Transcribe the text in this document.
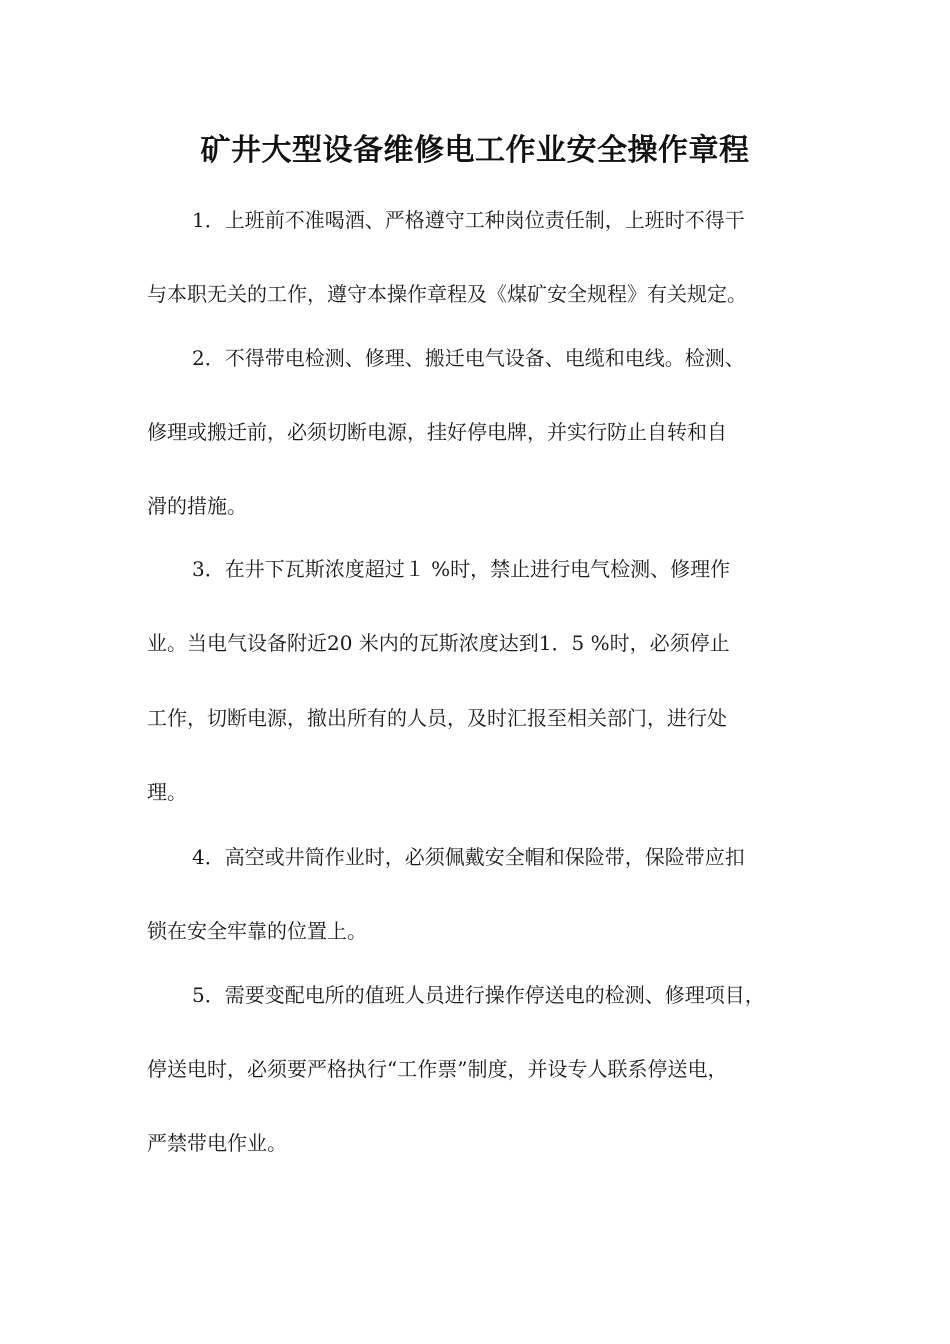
矿井大型设备维修电工作业安全操作章程

1．上班前不准喝酒、严格遵守工种岗位责任制，上班时不得干

与本职无关的工作，遵守本操作章程及《煤矿安全规程》有关规定。

2．不得带电检测、修理、搬迁电气设备、电缆和电线。检测、

修理或搬迁前，必须切断电源，挂好停电牌，并实行防止自转和自

滑的措施。

3．在井下瓦斯浓度超过１ %时，禁止进行电气检测、修理作

业。当电气设备附近20 米内的瓦斯浓度达到1．5 %时，必须停止

工作，切断电源，撤出所有的人员，及时汇报至相关部门，进行处

理。

4．高空或井筒作业时，必须佩戴安全帽和保险带，保险带应扣

锁在安全牢靠的位置上。

5．需要变配电所的值班人员进行操作停送电的检测、修理项目，

停送电时，必须要严格执行“工作票”制度，并设专人联系停送电，

严禁带电作业。
